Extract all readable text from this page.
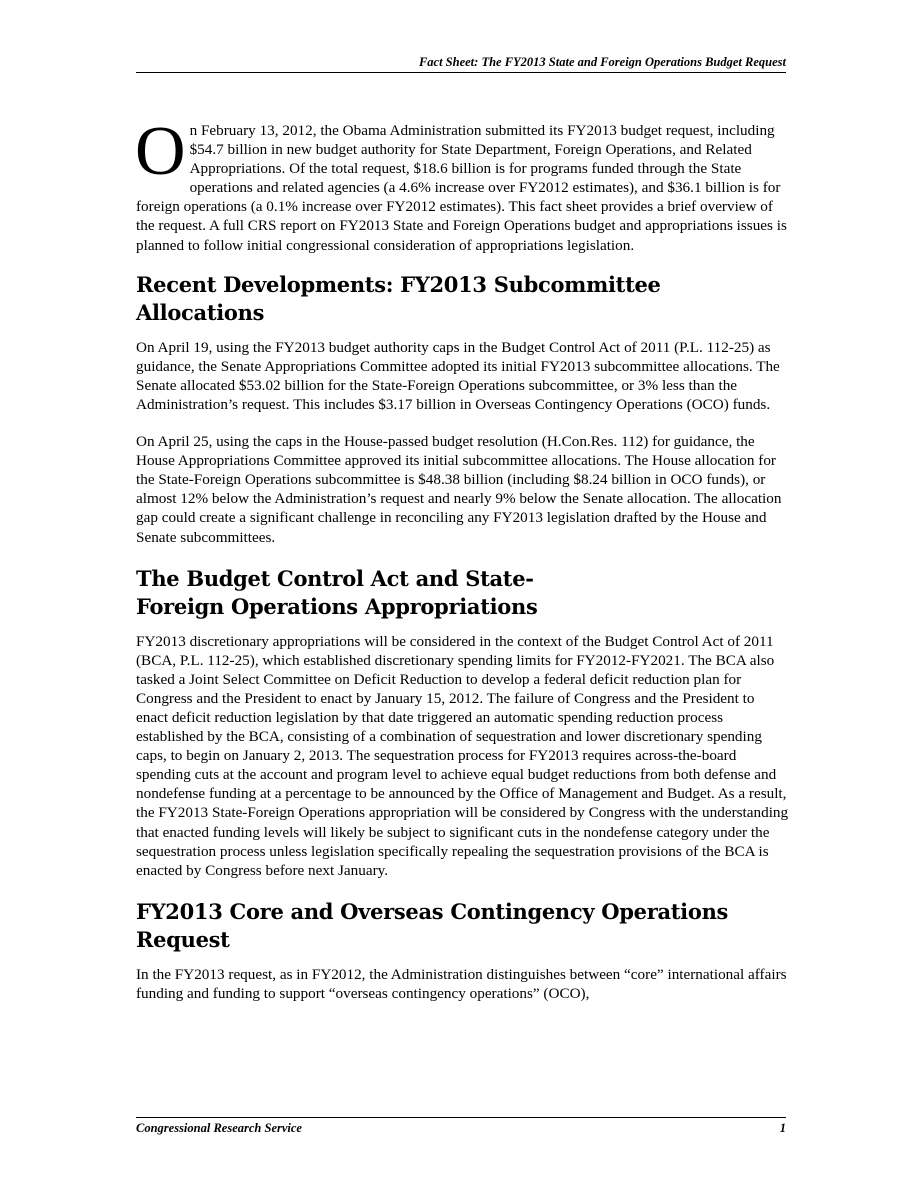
Fact Sheet: The FY2013 State and Foreign Operations Budget Request

On February 13, 2012, the Obama Administration submitted its FY2013 budget request, including $54.7 billion in new budget authority for State Department, Foreign Operations, and Related Appropriations. Of the total request, $18.6 billion is for programs funded through the State operations and related agencies (a 4.6% increase over FY2012 estimates), and $36.1 billion is for foreign operations (a 0.1% increase over FY2012 estimates). This fact sheet provides a brief overview of the request. A full CRS report on FY2013 State and Foreign Operations budget and appropriations issues is planned to follow initial congressional consideration of appropriations legislation.

Recent Developments: FY2013 Subcommittee Allocations

On April 19, using the FY2013 budget authority caps in the Budget Control Act of 2011 (P.L. 112-25) as guidance, the Senate Appropriations Committee adopted its initial FY2013 subcommittee allocations. The Senate allocated $53.02 billion for the State-Foreign Operations subcommittee, or 3% less than the Administration’s request. This includes $3.17 billion in Overseas Contingency Operations (OCO) funds.

On April 25, using the caps in the House-passed budget resolution (H.Con.Res. 112) for guidance, the House Appropriations Committee approved its initial subcommittee allocations. The House allocation for the State-Foreign Operations subcommittee is $48.38 billion (including $8.24 billion in OCO funds), or almost 12% below the Administration’s request and nearly 9% below the Senate allocation. The allocation gap could create a significant challenge in reconciling any FY2013 legislation drafted by the House and Senate subcommittees.

The Budget Control Act and State-Foreign Operations Appropriations

FY2013 discretionary appropriations will be considered in the context of the Budget Control Act of 2011 (BCA, P.L. 112-25), which established discretionary spending limits for FY2012-FY2021. The BCA also tasked a Joint Select Committee on Deficit Reduction to develop a federal deficit reduction plan for Congress and the President to enact by January 15, 2012. The failure of Congress and the President to enact deficit reduction legislation by that date triggered an automatic spending reduction process established by the BCA, consisting of a combination of sequestration and lower discretionary spending caps, to begin on January 2, 2013. The sequestration process for FY2013 requires across-the-board spending cuts at the account and program level to achieve equal budget reductions from both defense and nondefense funding at a percentage to be announced by the Office of Management and Budget. As a result, the FY2013 State-Foreign Operations appropriation will be considered by Congress with the understanding that enacted funding levels will likely be subject to significant cuts in the nondefense category under the sequestration process unless legislation specifically repealing the sequestration provisions of the BCA is enacted by Congress before next January.

FY2013 Core and Overseas Contingency Operations Request

In the FY2013 request, as in FY2012, the Administration distinguishes between “core” international affairs funding and funding to support “overseas contingency operations” (OCO),

Congressional Research Service	1
